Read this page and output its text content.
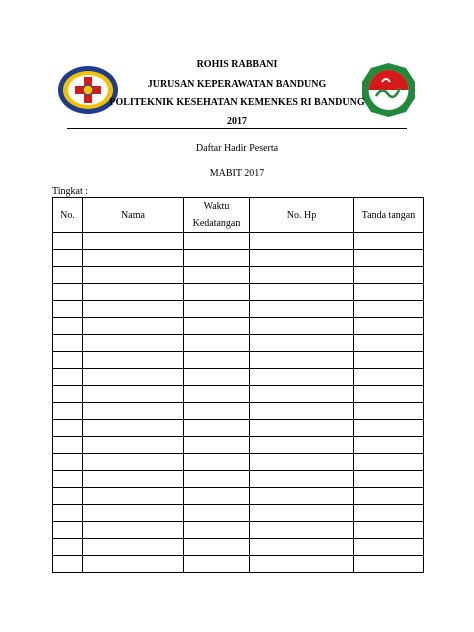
ROHIS RABBANI
JURUSAN KEPERAWATAN BANDUNG
POLITEKNIK KESEHATAN KEMENKES RI BANDUNG
2017
Daftar Hadir Peserta
MABIT 2017
Tingkat :
No.	Nama	Waktu Kedatangan	No. Hp	Tanda tangan
